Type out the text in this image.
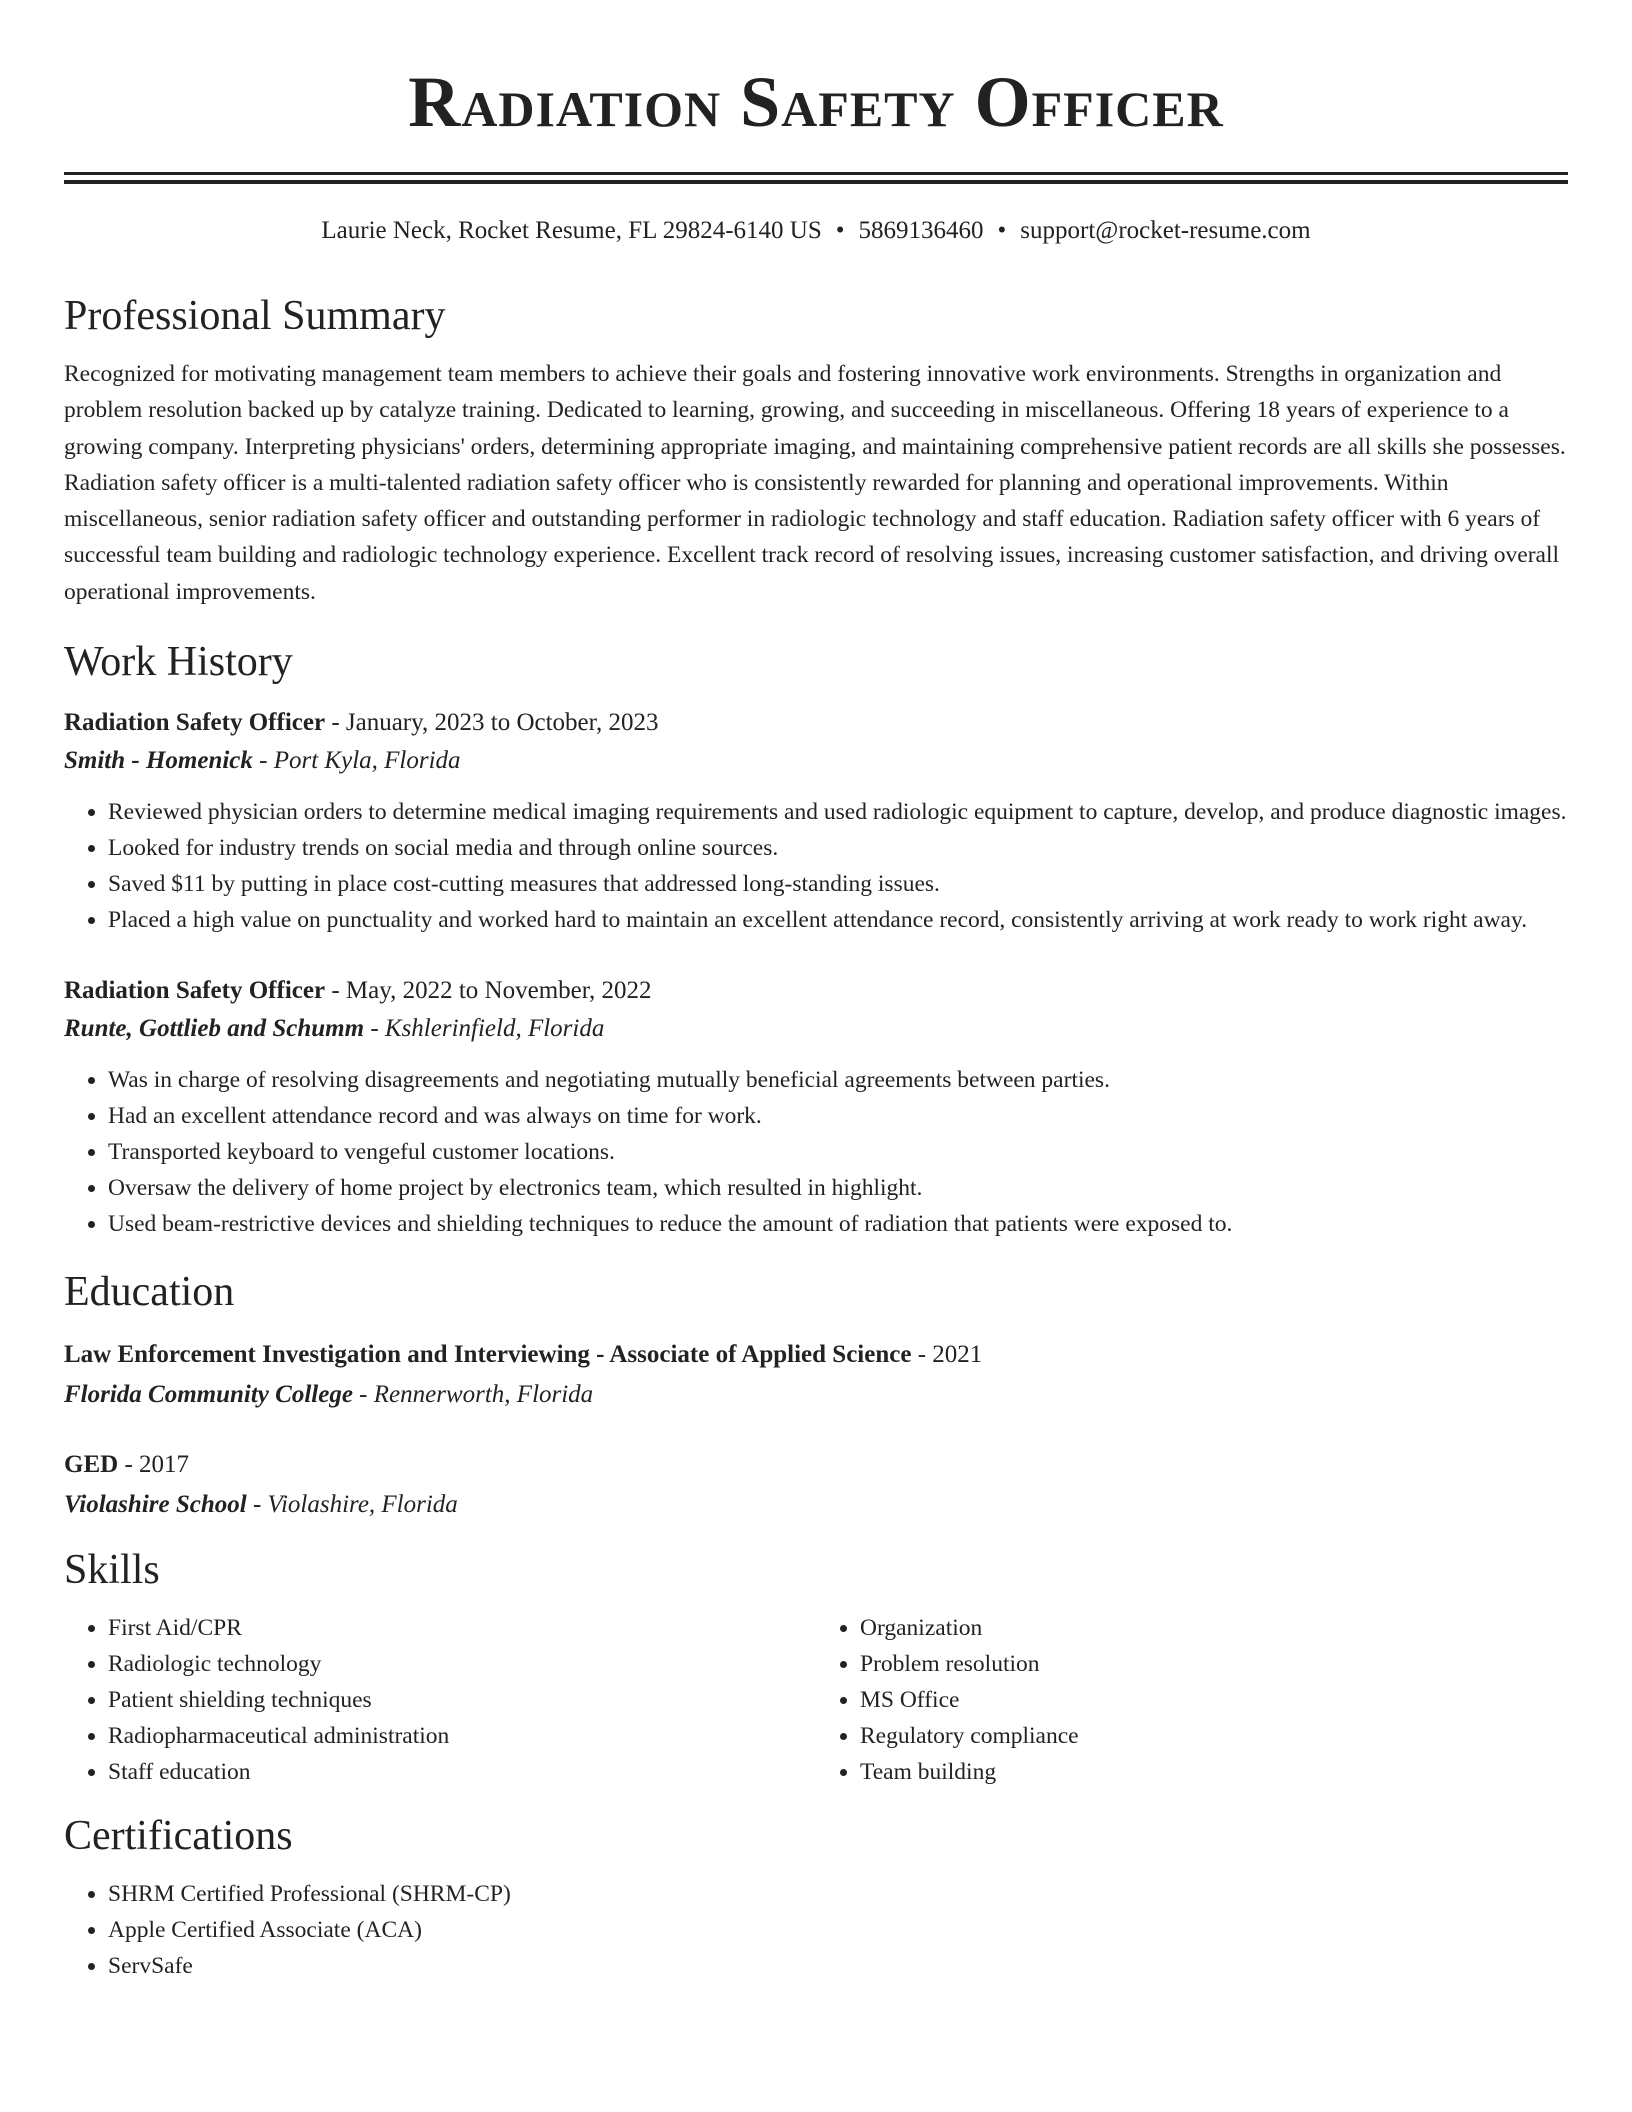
Radiation Safety Officer
Laurie Neck, Rocket Resume, FL 29824-6140 US • 5869136460 • support@rocket-resume.com
Professional Summary

Recognized for motivating management team members to achieve their goals and fostering innovative work environments. Strengths in organization and problem resolution backed up by catalyze training. Dedicated to learning, growing, and succeeding in miscellaneous. Offering 18 years of experience to a growing company. Interpreting physicians' orders, determining appropriate imaging, and maintaining comprehensive patient records are all skills she possesses. Radiation safety officer is a multi-talented radiation safety officer who is consistently rewarded for planning and operational improvements. Within miscellaneous, senior radiation safety officer and outstanding performer in radiologic technology and staff education. Radiation safety officer with 6 years of successful team building and radiologic technology experience. Excellent track record of resolving issues, increasing customer satisfaction, and driving overall operational improvements.

Work History
Radiation Safety Officer - January, 2023 to October, 2023
Smith - Homenick - Port Kyla, Florida
• Reviewed physician orders to determine medical imaging requirements and used radiologic equipment to capture, develop, and produce diagnostic images.
• Looked for industry trends on social media and through online sources.
• Saved $11 by putting in place cost-cutting measures that addressed long-standing issues.
• Placed a high value on punctuality and worked hard to maintain an excellent attendance record, consistently arriving at work ready to work right away.
Radiation Safety Officer - May, 2022 to November, 2022
Runte, Gottlieb and Schumm - Kshlerinfield, Florida
• Was in charge of resolving disagreements and negotiating mutually beneficial agreements between parties.
• Had an excellent attendance record and was always on time for work.
• Transported keyboard to vengeful customer locations.
• Oversaw the delivery of home project by electronics team, which resulted in highlight.
• Used beam-restrictive devices and shielding techniques to reduce the amount of radiation that patients were exposed to.
Education
Law Enforcement Investigation and Interviewing - Associate of Applied Science - 2021
Florida Community College - Rennerworth, Florida
GED - 2017
Violashire School - Violashire, Florida
Skills
• First Aid/CPR
• Radiologic technology
• Patient shielding techniques
• Radiopharmaceutical administration
• Staff education
• Organization
• Problem resolution
• MS Office
• Regulatory compliance
• Team building
Certifications
• SHRM Certified Professional (SHRM-CP)
• Apple Certified Associate (ACA)
• ServSafe
